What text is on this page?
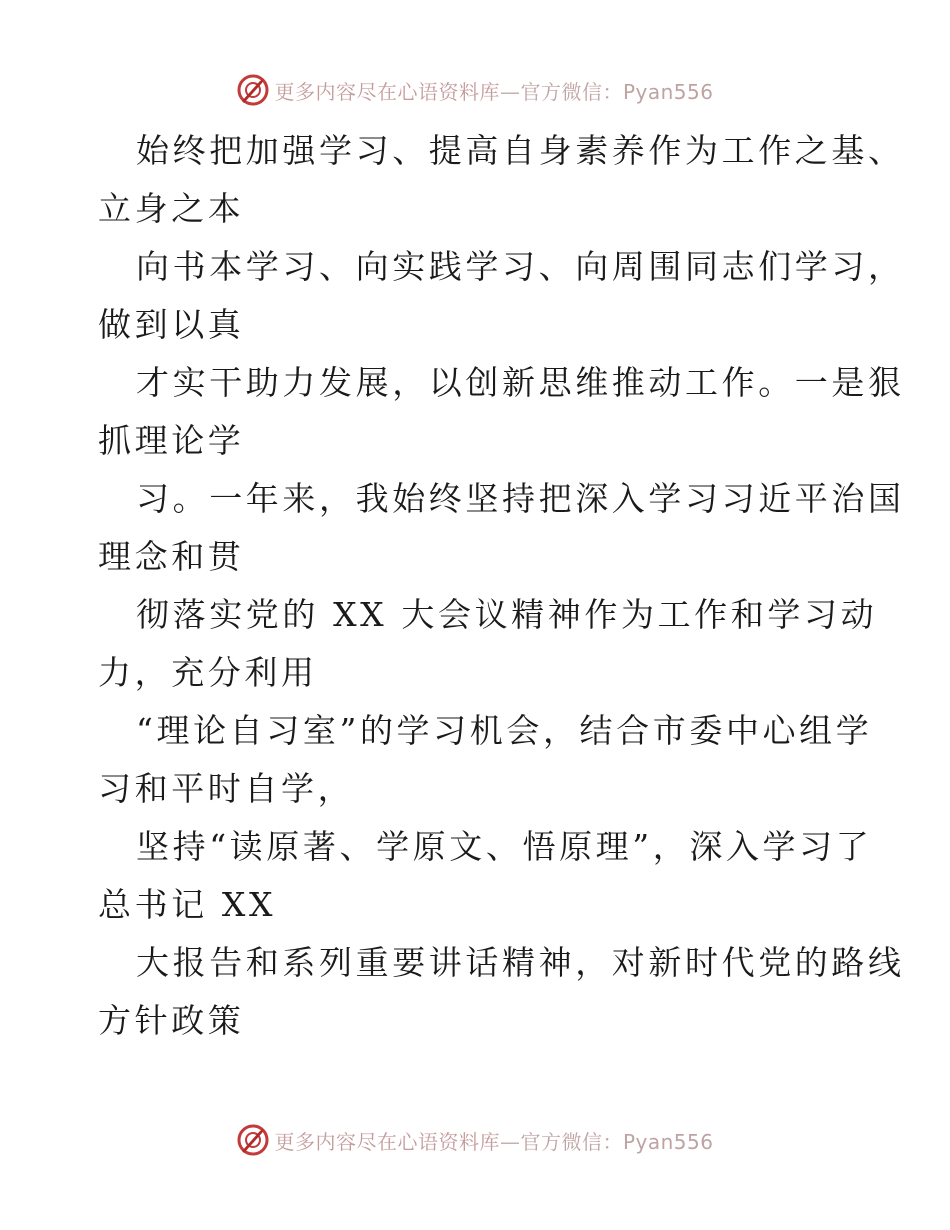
更多内容尽在心语资料库—官方微信：Pyan556

始终把加强学习、提高自身素养作为工作之基、

立身之本

向书本学习、向实践学习、向周围同志们学习，

做到以真

才实干助力发展，以创新思维推动工作。一是狠

抓理论学

习。一年来，我始终坚持把深入学习习近平治国

理念和贯

彻落实党的 XX 大会议精神作为工作和学习动

力，充分利用

“理论自习室”的学习机会，结合市委中心组学

习和平时自学，

坚持“读原著、学原文、悟原理”，深入学习了

总书记 XX

大报告和系列重要讲话精神，对新时代党的路线

方针政策

更多内容尽在心语资料库—官方微信：Pyan556
